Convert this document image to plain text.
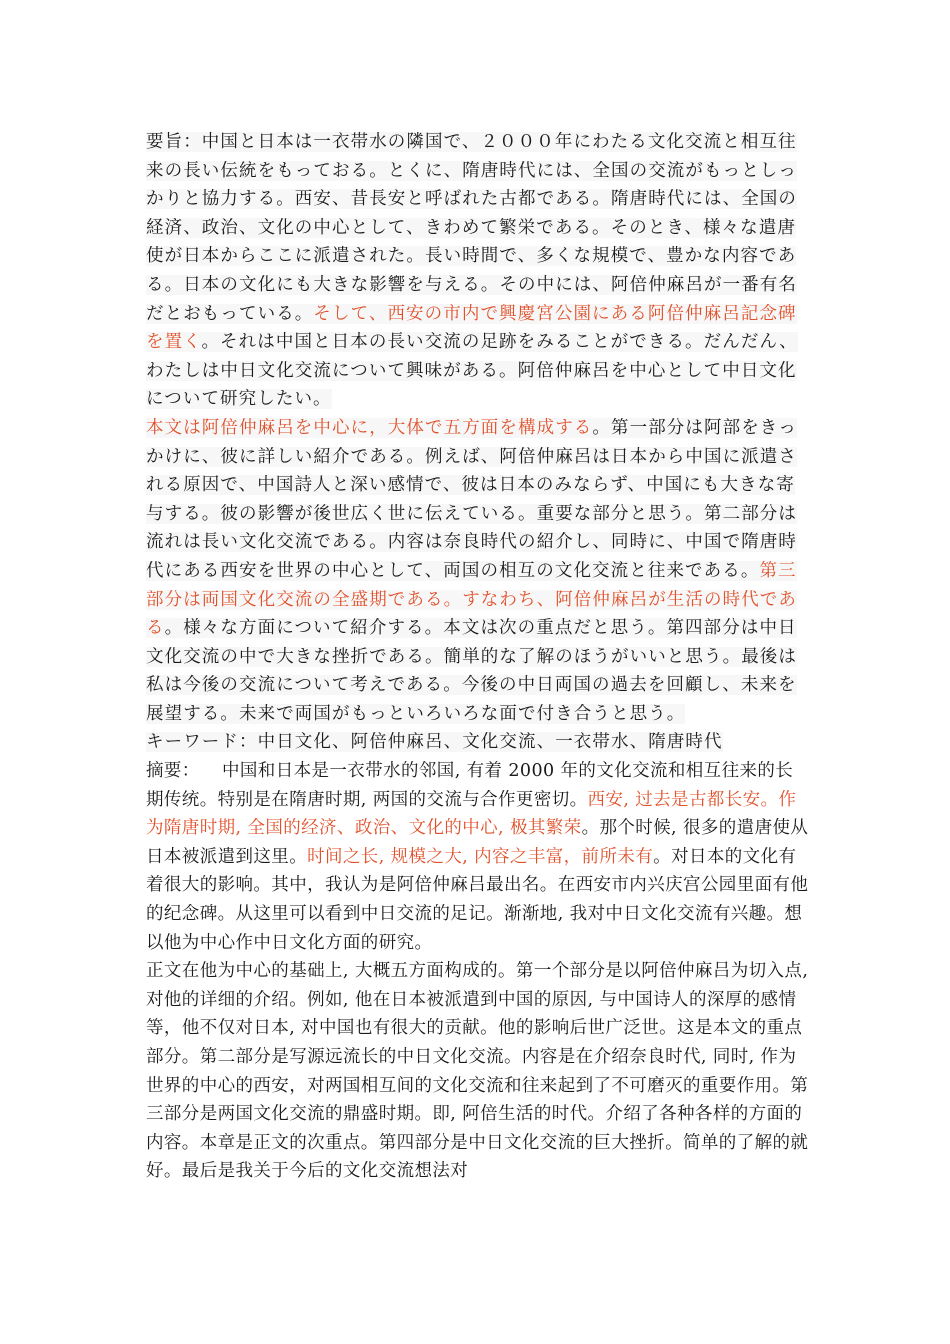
要旨：中国と日本は一衣帯水の隣国で、２０００年にわたる文化交流と相互往来の長い伝統をもっておる。とくに、隋唐時代には、全国の交流がもっとしっかりと協力する。西安、昔長安と呼ばれた古都である。隋唐時代には、全国の経済、政治、文化の中心として、きわめて繁栄である。そのとき、様々な遣唐使が日本からここに派遣された。長い時間で、多くな規模で、豊かな内容である。日本の文化にも大きな影響を与える。その中には、阿倍仲麻呂が一番有名だとおもっている。そして、西安の市内で興慶宮公園にある阿倍仲麻呂記念碑を置く。それは中国と日本の長い交流の足跡をみることができる。だんだん、わたしは中日文化交流について興味がある。阿倍仲麻呂を中心として中日文化について研究したい。

本文は阿倍仲麻呂を中心に，大体で五方面を構成する。第一部分は阿部をきっかけに、彼に詳しい紹介である。例えば、阿倍仲麻呂は日本から中国に派遣される原因で、中国詩人と深い感情で、彼は日本のみならず、中国にも大きな寄与する。彼の影響が後世広く世に伝えている。重要な部分と思う。第二部分は流れは長い文化交流である。内容は奈良時代の紹介し、同時に、中国で隋唐時代にある西安を世界の中心として、両国の相互の文化交流と往来である。第三部分は両国文化交流の全盛期である。すなわち、阿倍仲麻呂が生活の時代である。様々な方面について紹介する。本文は次の重点だと思う。第四部分は中日文化交流の中で大きな挫折である。簡単的な了解のほうがいいと思う。最後は私は今後の交流について考えである。今後の中日両国の過去を回顧し、未来を展望する。未来で両国がもっといろいろな面で付き合うと思う。

キーワード：中日文化、阿倍仲麻呂、文化交流、一衣帯水、隋唐時代

摘要： 中国和日本是一衣带水的邻国, 有着 2000 年的文化交流和相互往来的长期传统。特别是在隋唐时期, 两国的交流与合作更密切。西安, 过去是古都长安。作为隋唐时期, 全国的经济、政治、文化的中心, 极其繁荣。那个时候, 很多的遣唐使从日本被派遣到这里。时间之长, 规模之大, 内容之丰富，前所未有。对日本的文化有着很大的影响。其中，我认为是阿倍仲麻吕最出名。在西安市内兴庆宫公园里面有他的纪念碑。从这里可以看到中日交流的足记。渐渐地, 我对中日文化交流有兴趣。想以他为中心作中日文化方面的研究。

正文在他为中心的基础上, 大概五方面构成的。第一个部分是以阿倍仲麻吕为切入点, 对他的详细的介绍。例如, 他在日本被派遣到中国的原因, 与中国诗人的深厚的感情等，他不仅对日本, 对中国也有很大的贡献。他的影响后世广泛世。这是本文的重点部分。第二部分是写源远流长的中日文化交流。内容是在介绍奈良时代, 同时, 作为世界的中心的西安，对两国相互间的文化交流和往来起到了不可磨灭的重要作用。第三部分是两国文化交流的鼎盛时期。即, 阿倍生活的时代。介绍了各种各样的方面的内容。本章是正文的次重点。第四部分是中日文化交流的巨大挫折。简单的了解的就好。最后是我关于今后的文化交流想法对
